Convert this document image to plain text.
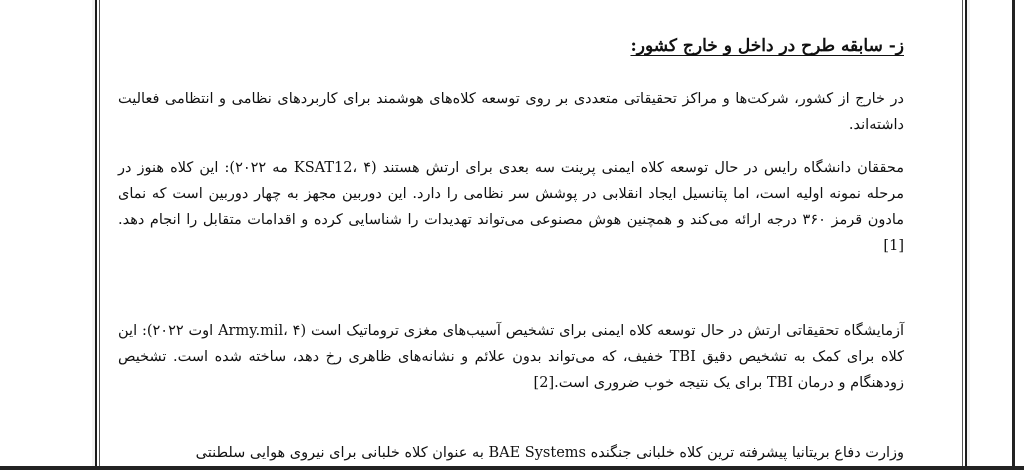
ز- سابقه طرح در داخل و خارج کشور:

در خارج از کشور، شرکت‌ها و مراکز تحقیقاتی متعددی بر روی توسعه کلاه‌های هوشمند برای کاربردهای نظامی و انتظامی فعالیت داشته‌اند.

محققان دانشگاه رایس در حال توسعه کلاه ایمنی پرینت سه بعدی برای ارتش هستند (KSAT12، ۴ مه ۲۰۲۲): این کلاه هنوز در مرحله نمونه اولیه است، اما پتانسیل ایجاد انقلابی در پوشش سر نظامی را دارد. این دوربین مجهز به چهار دوربین است که نمای مادون قرمز ۳۶۰ درجه ارائه می‌کند و همچنین هوش مصنوعی می‌تواند تهدیدات را شناسایی کرده و اقدامات متقابل را انجام دهد.[1]

آزمایشگاه تحقیقاتی ارتش در حال توسعه کلاه ایمنی برای تشخیص آسیب‌های مغزی تروماتیک است (Army.mil، ۴ اوت ۲۰۲۲): این کلاه برای کمک به تشخیص دقیق TBI خفیف، که می‌تواند بدون علائم و نشانه‌های ظاهری رخ دهد، ساخته شده است. تشخیص زودهنگام و درمان TBI برای یک نتیجه خوب ضروری است.[2]

وزارت دفاع بریتانیا پیشرفته ترین کلاه خلبانی جنگنده BAE Systems به عنوان کلاه خلبانی برای نیروی هوایی سلطنتی
